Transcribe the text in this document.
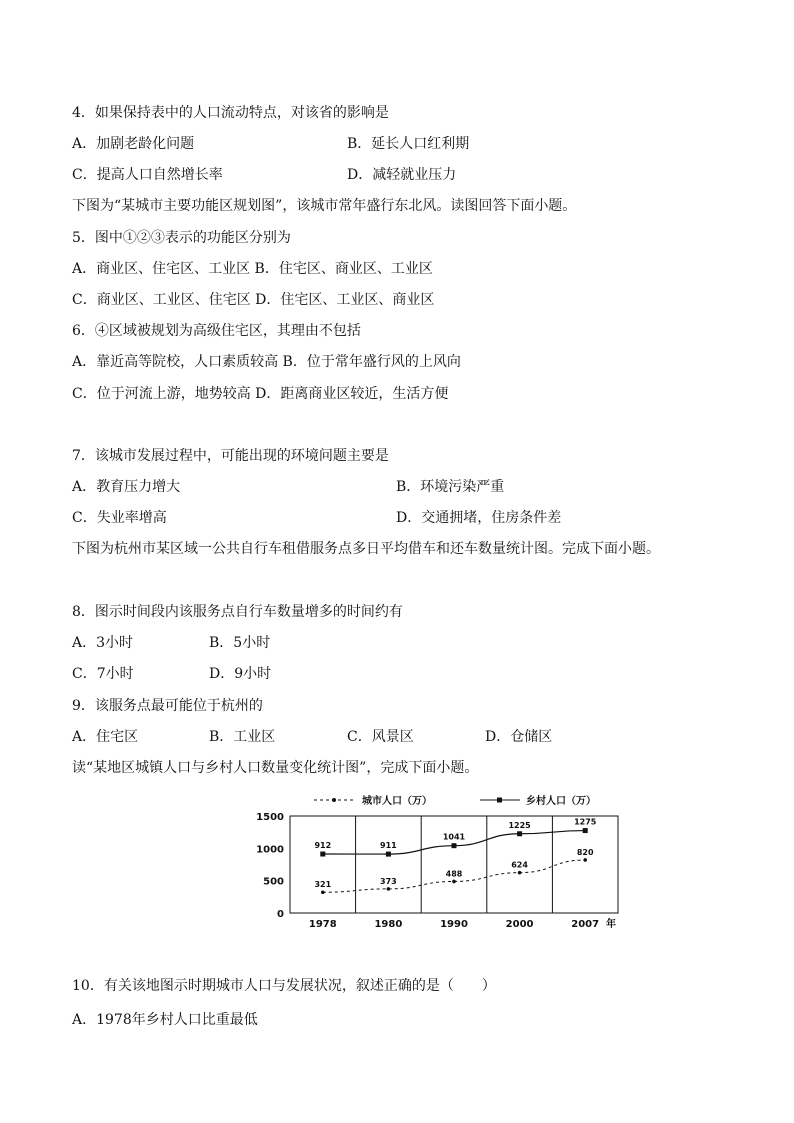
4．如果保持表中的人口流动特点，对该省的影响是
A．加剧老龄化问题	B．延长人口红利期
C．提高人口自然增长率	D．减轻就业压力
下图为“某城市主要功能区规划图”，该城市常年盛行东北风。读图回答下面小题。
5．图中①②③表示的功能区分别为
A．商业区、住宅区、工业区 B．住宅区、商业区、工业区
C．商业区、工业区、住宅区 D．住宅区、工业区、商业区
6．④区域被规划为高级住宅区，其理由不包括
A．靠近高等院校，人口素质较高 B．位于常年盛行风的上风向
C．位于河流上游，地势较高 D．距离商业区较近，生活方便
7．该城市发展过程中，可能出现的环境问题主要是
A．教育压力增大	B．环境污染严重
C．失业率增高	D．交通拥堵，住房条件差
下图为杭州市某区域一公共自行车租借服务点多日平均借车和还车数量统计图。完成下面小题。
8．图示时间段内该服务点自行车数量增多的时间约有
A．3小时	B．5小时
C．7小时	D．9小时
9．该服务点最可能位于杭州的
A．住宅区	B．工业区	C．风景区	D．仓储区
读“某地区城镇人口与乡村人口数量变化统计图”，完成下面小题。
城市人口（万）	乡村人口（万）
0
500
1000
1500
1978	1980	1990	2000	2007
321	373
488
624
820
912	911
1041
1225	1275
年
10．有关该地图示时期城市人口与发展状况，叙述正确的是（　　）
A．1978年乡村人口比重最低
